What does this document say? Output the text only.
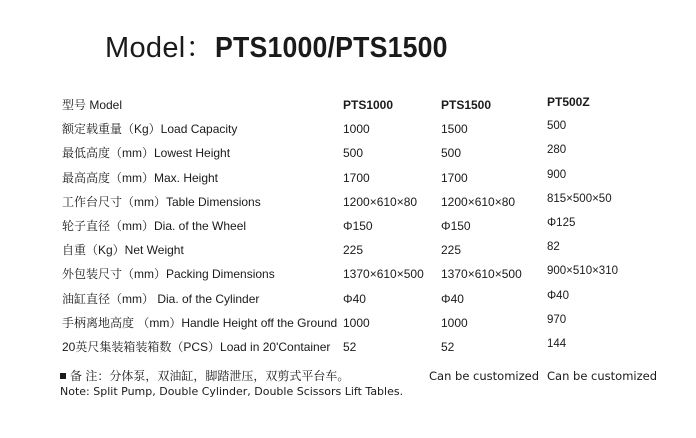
Model：PTS1000/PTS1500
型号 Model	PTS1000	PTS1500	PT500Z
额定载重量（Kg）Load Capacity	1000	1500	500
最低高度（mm）Lowest Height	500	500	280
最高高度（mm）Max. Height	1700	1700	900
工作台尺寸（mm）Table Dimensions	1200×610×80	1200×610×80	815×500×50
轮子直径（mm）Dia. of the Wheel	Φ150	Φ150	Φ125
自重（Kg）Net Weight	225	225	82
外包装尺寸（mm）Packing Dimensions	1370×610×500	1370×610×500	900×510×310
油缸直径（mm） Dia. of the Cylinder	Φ40	Φ40	Φ40
手柄离地高度 （mm）Handle Height off the Ground	1000	1000	970
20英尺集装箱装箱数（PCS）Load in 20'Container	52	52	144
备 注：分体泵，双油缸，脚踏泄压，双剪式平台车。	Can be customized Can be customized
Note: Split Pump, Double Cylinder, Double Scissors Lift Tables.
